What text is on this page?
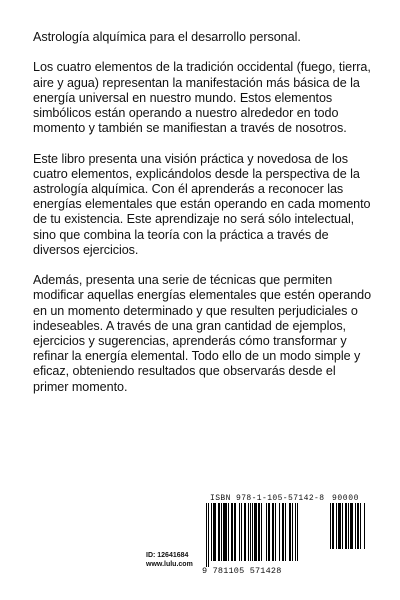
Astrología alquímica para el desarrollo personal.

Los cuatro elementos de la tradición occidental (fuego, tierra, aire y agua) representan la manifestación más básica de la energía universal en nuestro mundo. Estos elementos simbólicos están operando a nuestro alrededor en todo momento y también se manifiestan a través de nosotros.

Este libro presenta una visión práctica y novedosa de los cuatro elementos, explicándolos desde la perspectiva de la astrología alquímica. Con él aprenderás a reconocer las energías elementales que están operando en cada momento de tu existencia. Este aprendizaje no será sólo intelectual, sino que combina la teoría con la práctica a través de diversos ejercicios.

Además, presenta una serie de técnicas que permiten modificar aquellas energías elementales que estén operando en un momento determinado y que resulten perjudiciales o indeseables. A través de una gran cantidad de ejemplos, ejercicios y sugerencias, aprenderás cómo transformar y refinar la energía elemental. Todo ello de un modo simple y eficaz, obteniendo resultados que observarás desde el primer momento.

ISBN 978-1-105-57142-8 90000
9 781105 571428
ID: 12641684
www.lulu.com
